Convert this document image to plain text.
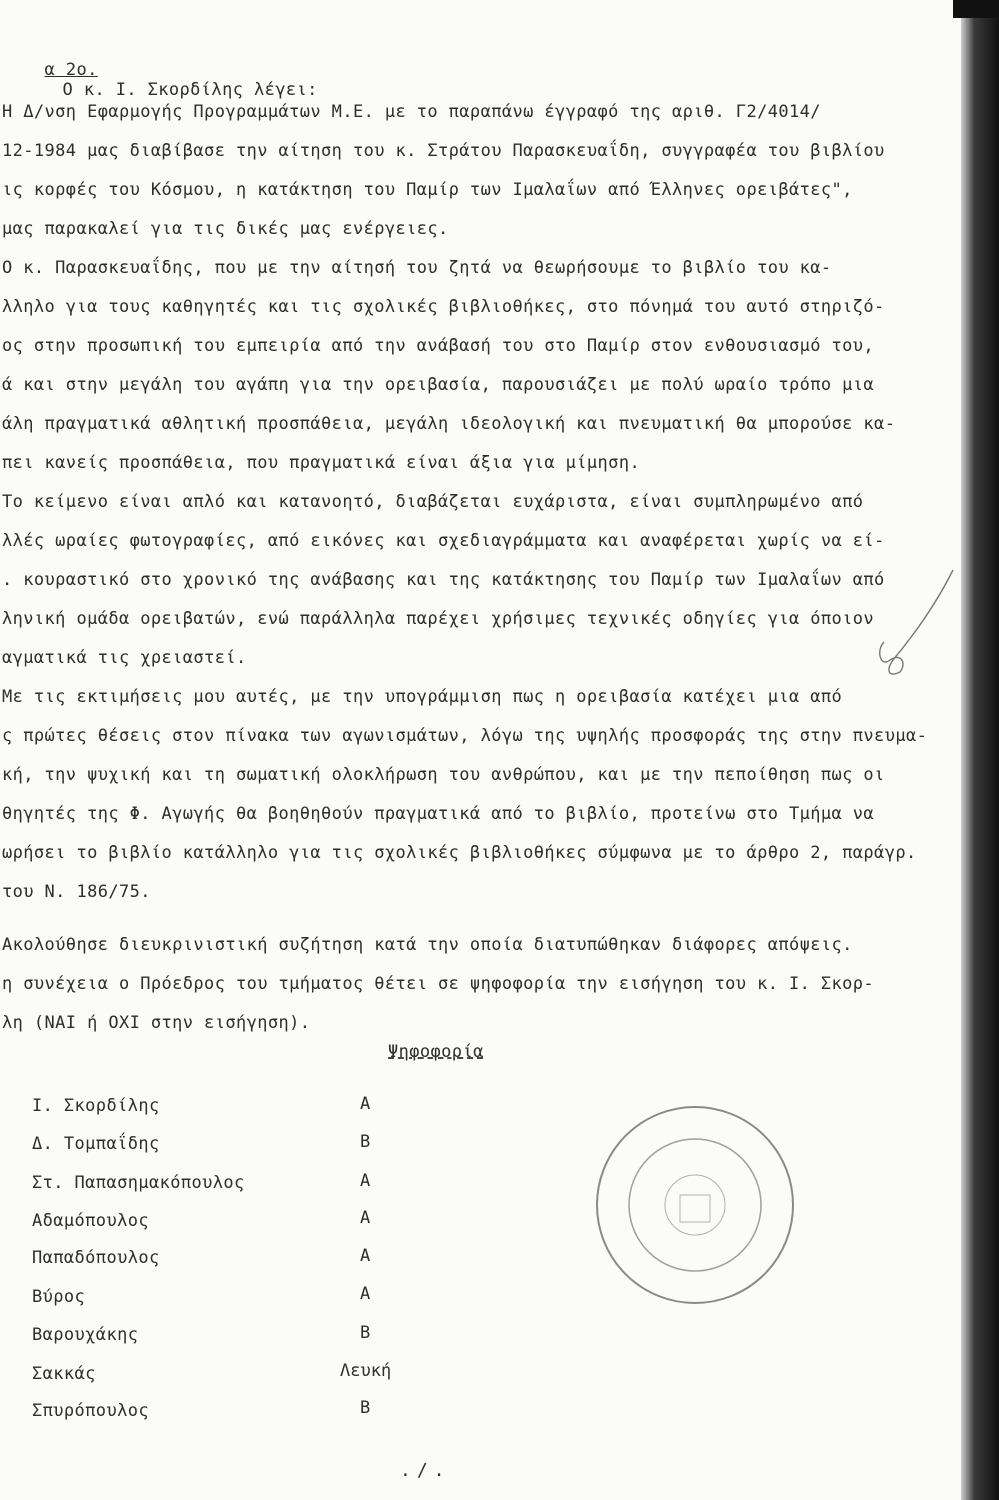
α 2ο.
Ο κ. Ι. Σκορδίλης λέγει:

Η Δ/νση Εφαρμογής Προγραμμάτων Μ.Ε. με το παραπάνω έγγραφό της αριθ. Γ2/4014/
12-1984 μας διαβίβασε την αίτηση του κ. Στράτου Παρασκευαΐδη, συγγραφέα του βιβλίου
ις κορφές του Κόσμου, η κατάκτηση του Παμίρ των Ιμαλαΐων από Έλληνες ορειβάτες",
μας παρακαλεί για τις δικές μας ενέργειες.
Ο κ. Παρασκευαΐδης, που με την αίτησή του ζητά να θεωρήσουμε το βιβλίο του κα-
λληλο για τους καθηγητές και τις σχολικές βιβλιοθήκες, στο πόνημά του αυτό στηριζό-
ος στην προσωπική του εμπειρία από την ανάβασή του στο Παμίρ στον ενθουσιασμό του,
ά και στην μεγάλη του αγάπη για την ορειβασία, παρουσιάζει με πολύ ωραίο τρόπο μια
άλη πραγματικά αθλητική προσπάθεια, μεγάλη ιδεολογική και πνευματική θα μπορούσε κα-
πει κανείς προσπάθεια, που πραγματικά είναι άξια για μίμηση.
Το κείμενο είναι απλό και κατανοητό, διαβάζεται ευχάριστα, είναι συμπληρωμένο από
λλές ωραίες φωτογραφίες, από εικόνες και σχεδιαγράμματα και αναφέρεται χωρίς να εί-
. κουραστικό στο χρονικό της ανάβασης και της κατάκτησης του Παμίρ των Ιμαλαΐων από
ληνική ομάδα ορειβατών, ενώ παράλληλα παρέχει χρήσιμες τεχνικές οδηγίες για όποιον
αγματικά τις χρειαστεί.
Με τις εκτιμήσεις μου αυτές, με την υπογράμμιση πως η ορειβασία κατέχει μια από
ς πρώτες θέσεις στον πίνακα των αγωνισμάτων, λόγω της υψηλής προσφοράς της στην πνευμα-
κή, την ψυχική και τη σωματική ολοκλήρωση του ανθρώπου, και με την πεποίθηση πως οι
θηγητές της Φ. Αγωγής θα βοηθηθούν πραγματικά από το βιβλίο, προτείνω στο Τμήμα να
ωρήσει το βιβλίο κατάλληλο για τις σχολικές βιβλιοθήκες σύμφωνα με το άρθρο 2, παράγρ.
του Ν. 186/75.
Ακολούθησε διευκρινιστική συζήτηση κατά την οποία διατυπώθηκαν διάφορες απόψεις.
η συνέχεια ο Πρόεδρος του τμήματος θέτει σε ψηφοφορία την εισήγηση του κ. Ι. Σκορ-
λη (ΝΑΙ ή ΟΧΙ στην εισήγηση).
Ψηφοφορία
Ι. Σκορδίλης	Α
Δ. Τομπαΐδης	Β
Στ. Παπασημακόπουλος	Α
Αδαμόπουλος	Α
Παπαδόπουλος	Α
Βύρος	Α
Βαρουχάκης	Β
Σακκάς	Λευκή
Σπυρόπουλος	Β
./.
